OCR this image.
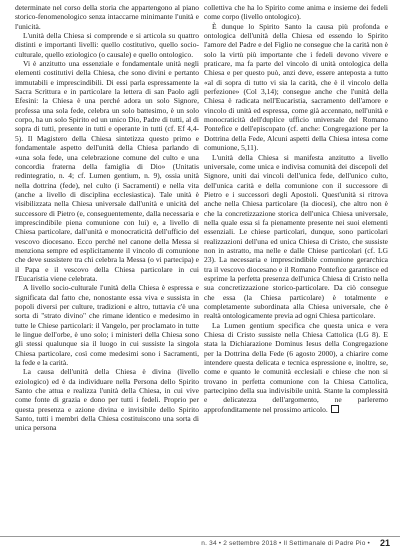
determinate nel corso della storia che appartengono al piano storico-fenomenologico senza intaccarne minimante l'unità e l'unicità.

L'unità della Chiesa si comprende e si articola su quattro distinti e importanti livelli: quello costitutivo, quello socio-culturale, quello eziologico (o causale) e quello ontologico.

Vi è anzitutto una essenziale e fondamentale unità negli elementi costitutivi della Chiesa, che sono divini e pertanto immutabili e imprescindibili. Di essi parla espressamente la Sacra Scrittura e in particolare la lettera di san Paolo agli Efesini: la Chiesa è una perché adora un solo Signore, professa una sola fede, celebra un solo battesimo, è un solo corpo, ha un solo Spirito ed un unico Dio, Padre di tutti, al di sopra di tutti, presente in tutti e operante in tutti (cf. Ef 4,4-5). Il Magistero della Chiesa sintetizza questo primo e fondamentale aspetto dell'unità della Chiesa parlando di «una sola fede, una celebrazione comune del culto e una concordia fraterna della famiglia di Dio» (Unitatis redintegratio, n. 4; cf. Lumen gentium, n. 9), ossia unità nella dottrina (fede), nel culto (i Sacramenti) e nella vita (anche a livello di disciplina ecclesiastica). Tale unità è visibilizzata nella Chiesa universale dall'unità e unicità del successore di Pietro (e, conseguentemente, dalla necessaria e imprescindibile piena comunione con lui) e, a livello di Chiesa particolare, dall'unità e monocraticità dell'ufficio del vescovo diocesano. Ecco perché nel canone della Messa si menziona sempre ed esplicitamente il vincolo di comunione che deve sussistere tra chi celebra la Messa (o vi partecipa) e il Papa e il vescovo della Chiesa particolare in cui l'Eucaristia viene celebrata.

A livello socio-culturale l'unità della Chiesa è espressa e significata dal fatto che, nonostante essa viva e sussista in popoli diversi per culture, tradizioni e altro, tuttavia c'è una sorta di "strato divino" che rimane identico e medesimo in tutte le Chiese particolari: il Vangelo, per proclamato in tutte le lingue dell'orbe, è uno solo; i ministeri della Chiesa sono gli stessi qualunque sia il luogo in cui sussiste la singola Chiesa particolare, così come medesimi sono i Sacramenti, la fede e la carità.

La causa dell'unità della Chiesa è divina (livello eziologico) ed è da individuare nella Persona dello Spirito Santo che attua e realizza l'unità della Chiesa, in cui vive come fonte di grazia e dono per tutti i fedeli. Proprio per questa presenza e azione divina e invisibile dello Spirito Santo, tutti i membri della Chiesa costituiscono una sorta di unica persona

collettiva che ha lo Spirito come anima e insieme dei fedeli come corpo (livello ontologico).

È dunque lo Spirito Santo la causa più profonda e ontologica dell'unità della Chiesa ed essendo lo Spirito l'amore del Padre e del Figlio ne consegue che la carità non è solo la virtù più importante che i fedeli devono vivere e praticare, ma fa parte del vincolo di unità ontologica della Chiesa e per questo può, anzi deve, essere anteposta a tutto «al di sopra di tutto vi sia la carità, che è il vincolo della perfezione» (Col 3,14); consegue anche che l'unità della Chiesa è radicata nell'Eucaristia, sacramento dell'amore e vincolo di unità ed espressa, come già accennato, nell'unità e monocraticità dell'duplice ufficio universale del Romano Pontefice e dell'episcopato (cf. anche: Congregazione per la Dottrina della Fede, Alcuni aspetti della Chiesa intesa come comunione, 5,11).

L'unità della Chiesa si manifesta anzitutto a livello universale, come unica e indivisa comunità dei discepoli del Signore, uniti dai vincoli dell'unica fede, dell'unico culto, dell'unica carità e della comunione con il successore di Pietro e i successori degli Apostoli. Quest'unità si ritrova anche nella Chiesa particolare (la diocesi), che altro non è che la concretizzazione storica dell'unica Chiesa universale, nella quale essa si fa pienamente presente nei suoi elementi essenziali. Le chiese particolari, dunque, sono particolari realizzazioni dell'una ed unica Chiesa di Cristo, che sussiste non in astratto, ma nelle e dalle Chiese particolari (cf. LG 23). La necessaria e imprescindibile comunione gerarchica tra il vescovo diocesano e il Romano Pontefice garantisce ed esprime la perfetta presenza dell'unica Chiesa di Cristo nella sua concretizzazione storico-particolare. Da ciò consegue che essa (la Chiesa particolare) è totalmente e completamente subordinata alla Chiesa universale, che è realtà ontologicamente previa ad ogni Chiesa particolare.

La Lumen gentium specifica che questa unica e vera Chiesa di Cristo sussiste nella Chiesa Cattolica (LG 8). E stata la Dichiarazione Dominus Iesus della Congregazione per la Dottrina della Fede (6 agosto 2000), a chiarire come intendere questa delicata e tecnica espressione e, inoltre, se, come e quanto le comunità ecclesiali e chiese che non si trovano in perfetta comunione con la Chiesa Cattolica, partecipino della sua indivisibile unità. Stante la complessità e delicatezza dell'argomento, ne parleremo approfonditamente nel prossimo articolo.

n. 34 • 2 settembre 2018 • Il Settimanale di Padre Pio • 21
